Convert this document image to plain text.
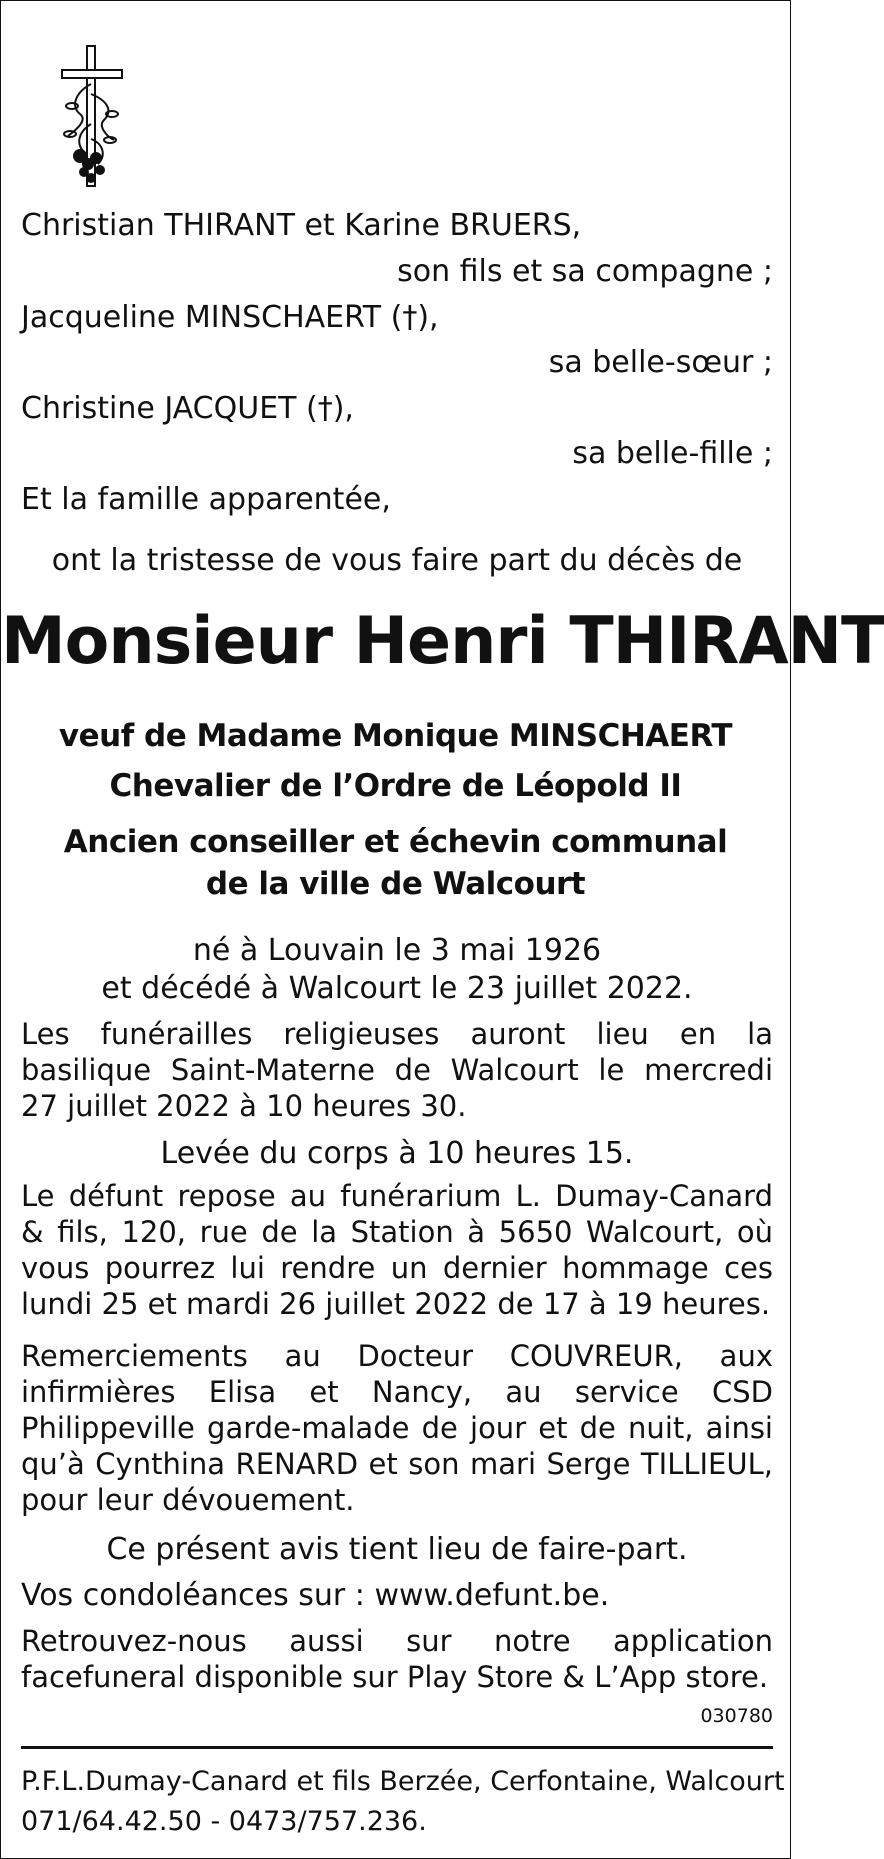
Christian THIRANT et Karine BRUERS,
son fils et sa compagne ;
Jacqueline MINSCHAERT (†),
sa belle-sœur ;
Christine JACQUET (†),
sa belle-fille ;
Et la famille apparentée,
ont la tristesse de vous faire part du décès de
Monsieur Henri THIRANT
veuf de Madame Monique MINSCHAERT
Chevalier de l’Ordre de Léopold II
Ancien conseiller et échevin communal
de la ville de Walcourt
né à Louvain le 3 mai 1926
et décédé à Walcourt le 23 juillet 2022.
Les funérailles religieuses auront lieu en la
basilique Saint-Materne de Walcourt le mercredi
27 juillet 2022 à 10 heures 30.
Levée du corps à 10 heures 15.
Le défunt repose au funérarium L. Dumay-Canard
& fils, 120, rue de la Station à 5650 Walcourt, où
vous pourrez lui rendre un dernier hommage ces
lundi 25 et mardi 26 juillet 2022 de 17 à 19 heures.
Remerciements au Docteur COUVREUR, aux
infirmières Elisa et Nancy, au service CSD
Philippeville garde-malade de jour et de nuit, ainsi
qu’à Cynthina RENARD et son mari Serge TILLIEUL,
pour leur dévouement.
Ce présent avis tient lieu de faire-part.
Vos condoléances sur : www.defunt.be.
Retrouvez-nous aussi sur notre application
facefuneral disponible sur Play Store & L’App store.
030780
P.F.L.Dumay-Canard et fils Berzée, Cerfontaine, Walcourt
071/64.42.50 - 0473/757.236.
